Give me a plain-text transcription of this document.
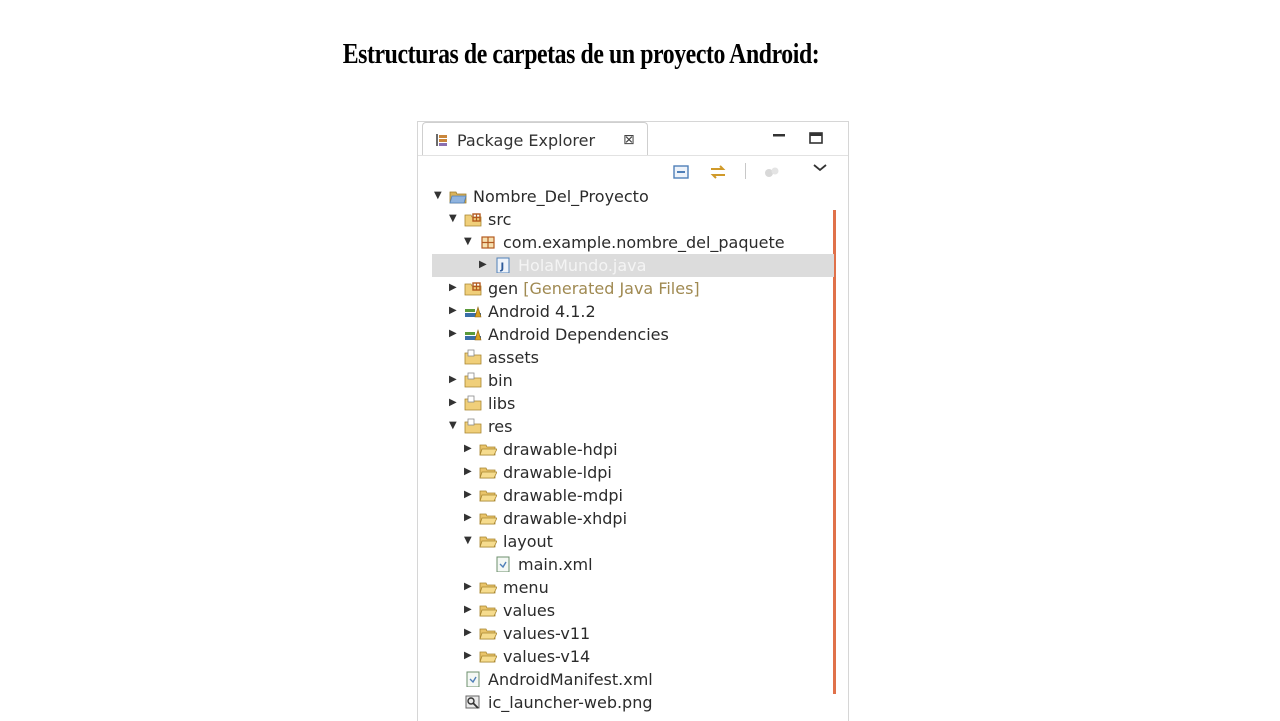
Estructuras de carpetas de un proyecto Android:
Package Explorer ⊠
▼ Nombre_Del_Proyecto
▼ src
▼ com.example.nombre_del_paquete
▶ J HolaMundo.java
▶ gen [Generated Java Files]
▶ Android 4.1.2
▶ Android Dependencies
assets
▶ bin
▶ libs
▼ res
▶ drawable-hdpi
▶ drawable-ldpi
▶ drawable-mdpi
▶ drawable-xhdpi
▼ layout
main.xml
▶ menu
▶ values
▶ values-v11
▶ values-v14
AndroidManifest.xml
ic_launcher-web.png
